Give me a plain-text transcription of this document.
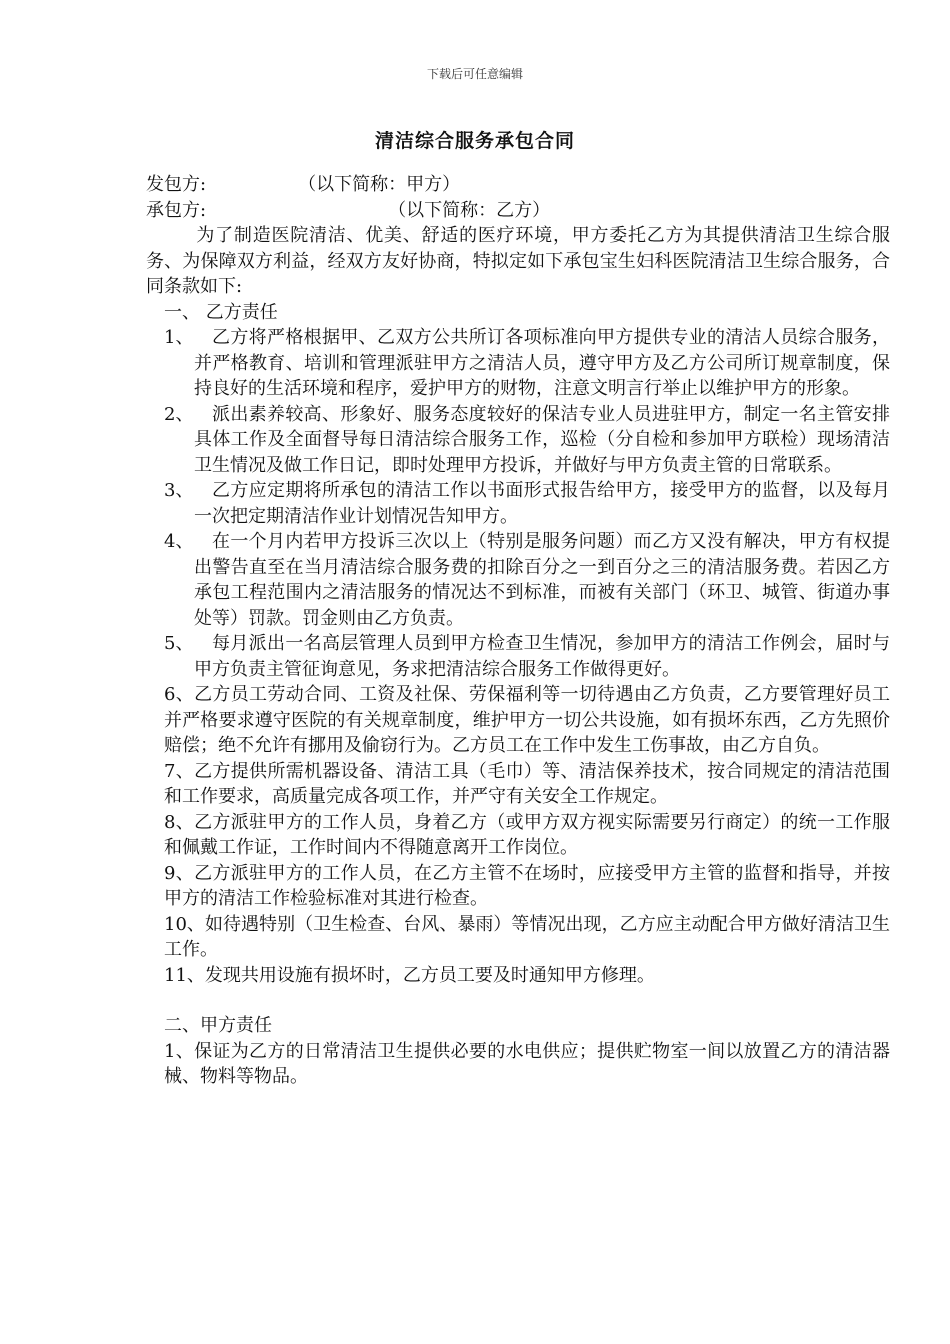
下载后可任意编辑
清洁综合服务承包合同
发包方:	（以下简称：甲方）
承包方:	（以下简称：乙方）
为了制造医院清洁、优美、舒适的医疗环境，甲方委托乙方为其提供清洁卫生综合服务、为保障双方利益，经双方友好协商，特拟定如下承包宝生妇科医院清洁卫生综合服务，合同条款如下:
一、 乙方责任
1、	乙方将严格根据甲、乙双方公共所订各项标准向甲方提供专业的清洁人员综合服务，并严格教育、培训和管理派驻甲方之清洁人员，遵守甲方及乙方公司所订规章制度，保持良好的生活环境和程序，爱护甲方的财物，注意文明言行举止以维护甲方的形象。
2、	派出素养较高、形象好、服务态度较好的保洁专业人员进驻甲方，制定一名主管安排具体工作及全面督导每日清洁综合服务工作，巡检（分自检和参加甲方联检）现场清洁卫生情况及做工作日记，即时处理甲方投诉，并做好与甲方负责主管的日常联系。
3、	乙方应定期将所承包的清洁工作以书面形式报告给甲方，接受甲方的监督，以及每月一次把定期清洁作业计划情况告知甲方。
4、	在一个月内若甲方投诉三次以上（特别是服务问题）而乙方又没有解决，甲方有权提出警告直至在当月清洁综合服务费的扣除百分之一到百分之三的清洁服务费。若因乙方承包工程范围内之清洁服务的情况达不到标准，而被有关部门（环卫、城管、街道办事处等）罚款。罚金则由乙方负责。
5、	每月派出一名高层管理人员到甲方检查卫生情况，参加甲方的清洁工作例会，届时与甲方负责主管征询意见，务求把清洁综合服务工作做得更好。
6、乙方员工劳动合同、工资及社保、劳保福利等一切待遇由乙方负责，乙方要管理好员工并严格要求遵守医院的有关规章制度，维护甲方一切公共设施，如有损坏东西，乙方先照价赔偿；绝不允许有挪用及偷窃行为。乙方员工在工作中发生工伤事故，由乙方自负。
7、乙方提供所需机器设备、清洁工具（毛巾）等、清洁保养技术，按合同规定的清洁范围和工作要求，高质量完成各项工作，并严守有关安全工作规定。
8、乙方派驻甲方的工作人员，身着乙方（或甲方双方视实际需要另行商定）的统一工作服和佩戴工作证，工作时间内不得随意离开工作岗位。
9、乙方派驻甲方的工作人员，在乙方主管不在场时，应接受甲方主管的监督和指导，并按甲方的清洁工作检验标准对其进行检查。
10、如待遇特别（卫生检查、台风、暴雨）等情况出现，乙方应主动配合甲方做好清洁卫生工作。
11、发现共用设施有损坏时，乙方员工要及时通知甲方修理。
二、甲方责任
1、保证为乙方的日常清洁卫生提供必要的水电供应；提供贮物室一间以放置乙方的清洁器械、物料等物品。
